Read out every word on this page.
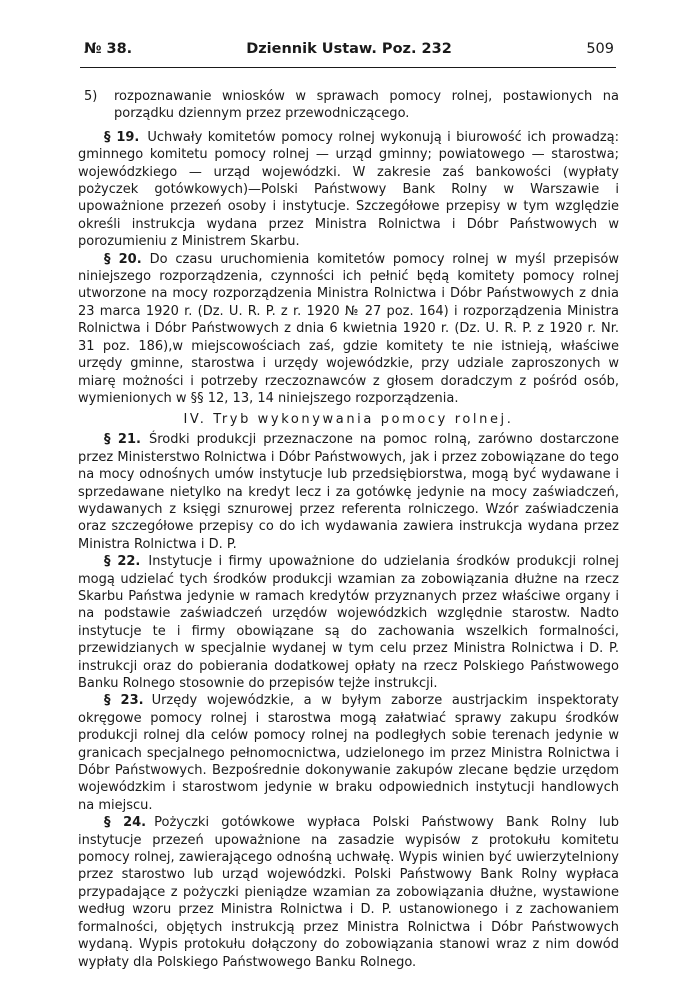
№ 38.	Dziennik Ustaw. Poz. 232	509

5) rozpoznawanie wniosków w sprawach pomocy rolnej, postawionych na porządku dziennym przez przewodniczącego.

§ 19. Uchwały komitetów pomocy rolnej wykonują i biurowość ich prowadzą: gminnego komitetu pomocy rolnej — urząd gminny; powiatowego — starostwa; wojewódzkiego — urząd wojewódzki. W zakresie zaś bankowości (wypłaty pożyczek gotówkowych)—Polski Państwowy Bank Rolny w Warszawie i upoważnione przezeń osoby i instytucje. Szczegółowe przepisy w tym względzie określi instrukcja wydana przez Ministra Rolnictwa i Dóbr Państwowych w porozumieniu z Ministrem Skarbu.

§ 20. Do czasu uruchomienia komitetów pomocy rolnej w myśl przepisów niniejszego rozporządzenia, czynności ich pełnić będą komitety pomocy rolnej utworzone na mocy rozporządzenia Ministra Rolnictwa i Dóbr Państwowych z dnia 23 marca 1920 r. (Dz. U. R. P. z r. 1920 № 27 poz. 164) i rozporządzenia Ministra Rolnictwa i Dóbr Państwowych z dnia 6 kwietnia 1920 r. (Dz. U. R. P. z 1920 r. Nr. 31 poz. 186),w miejscowościach zaś, gdzie komitety te nie istnieją, właściwe urzędy gminne, starostwa i urzędy wojewódzkie, przy udziale zaproszonych w miarę możności i potrzeby rzeczoznawców z głosem doradczym z pośród osób, wymienionych w §§ 12, 13, 14 niniejszego rozporządzenia.

IV. Tryb wykonywania pomocy rolnej.

§ 21. Środki produkcji przeznaczone na pomoc rolną, zarówno dostarczone przez Ministerstwo Rolnictwa i Dóbr Państwowych, jak i przez zobowiązane do tego na mocy odnośnych umów instytucje lub przedsiębiorstwa, mogą być wydawane i sprzedawane nietylko na kredyt lecz i za gotówkę jedynie na mocy zaświadczeń, wydawanych z księgi sznurowej przez referenta rolniczego. Wzór zaświadczenia oraz szczegółowe przepisy co do ich wydawania zawiera instrukcja wydana przez Ministra Rolnictwa i D. P.

§ 22. Instytucje i firmy upoważnione do udzielania środków produkcji rolnej mogą udzielać tych środków produkcji wzamian za zobowiązania dłużne na rzecz Skarbu Państwa jedynie w ramach kredytów przyznanych przez właściwe organy i na podstawie zaświadczeń urzędów wojewódzkich względnie starostw. Nadto instytucje te i firmy obowiązane są do zachowania wszelkich formalności, przewidzianych w specjalnie wydanej w tym celu przez Ministra Rolnictwa i D. P. instrukcji oraz do pobierania dodatkowej opłaty na rzecz Polskiego Państwowego Banku Rolnego stosownie do przepisów tejże instrukcji.

§ 23. Urzędy wojewódzkie, a w byłym zaborze austrjackim inspektoraty okręgowe pomocy rolnej i starostwa mogą załatwiać sprawy zakupu środków produkcji rolnej dla celów pomocy rolnej na podległych sobie terenach jedynie w granicach specjalnego pełnomocnictwa, udzielonego im przez Ministra Rolnictwa i Dóbr Państwowych. Bezpośrednie dokonywanie zakupów zlecane będzie urzędom wojewódzkim i starostwom jedynie w braku odpowiednich instytucji handlowych na miejscu.

§ 24. Pożyczki gotówkowe wypłaca Polski Państwowy Bank Rolny lub instytucje przezeń upoważnione na zasadzie wypisów z protokułu komitetu pomocy rolnej, zawierającego odnośną uchwałę. Wypis winien być uwierzytelniony przez starostwo lub urząd wojewódzki. Polski Państwowy Bank Rolny wypłaca przypadające z pożyczki pieniądze wzamian za zobowiązania dłużne, wystawione według wzoru przez Ministra Rolnictwa i D. P. ustanowionego i z zachowaniem formalności, objętych instrukcją przez Ministra Rolnictwa i Dóbr Państwowych wydaną. Wypis protokułu dołączony do zobowiązania stanowi wraz z nim dowód wypłaty dla Polskiego Państwowego Banku Rolnego.
